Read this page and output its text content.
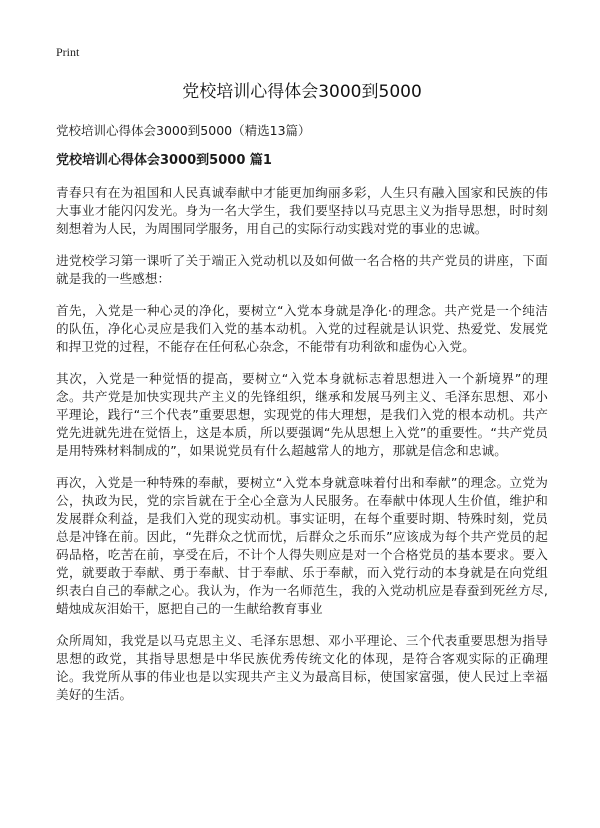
Print
党校培训心得体会3000到5000

党校培训心得体会3000到5000（精选13篇）

党校培训心得体会3000到5000 篇1

青春只有在为祖国和人民真诚奉献中才能更加绚丽多彩，人生只有融入国家和民族的伟大事业才能闪闪发光。身为一名大学生，我们要坚持以马克思主义为指导思想，时时刻刻想着为人民，为周围同学服务，用自己的实际行动实践对党的事业的忠诚。

进党校学习第一课听了关于端正入党动机以及如何做一名合格的共产党员的讲座，下面就是我的一些感想：

首先，入党是一种心灵的净化，要树立“入党本身就是净化·的理念。共产党是一个纯洁的队伍，净化心灵应是我们入党的基本动机。入党的过程就是认识党、热爱党、发展党和捍卫党的过程，不能存在任何私心杂念，不能带有功利欲和虚伪心入党。

其次，入党是一种觉悟的提高，要树立“入党本身就标志着思想进入一个新境界”的理念。共产党是加快实现共产主义的先锋组织，继承和发展马列主义、毛泽东思想、邓小平理论，践行“三个代表”重要思想，实现党的伟大理想，是我们入党的根本动机。共产党先进就先进在觉悟上，这是本质，所以要强调“先从思想上入党”的重要性。“共产党员是用特殊材料制成的”，如果说党员有什么超越常人的地方，那就是信念和忠诚。

再次，入党是一种特殊的奉献，要树立“入党本身就意味着付出和奉献”的理念。立党为公，执政为民，党的宗旨就在于全心全意为人民服务。在奉献中体现人生价值，维护和发展群众利益，是我们入党的现实动机。事实证明，在每个重要时期、特殊时刻，党员总是冲锋在前。因此，“先群众之忧而忧，后群众之乐而乐”应该成为每个共产党员的起码品格，吃苦在前，享受在后，不计个人得失则应是对一个合格党员的基本要求。要入党，就要敢于奉献、勇于奉献、甘于奉献、乐于奉献，而入党行动的本身就是在向党组织表白自己的奉献之心。我认为，作为一名师范生，我的入党动机应是春蚕到死丝方尽,蜡烛成灰泪始干，愿把自己的一生献给教育事业

众所周知，我党是以马克思主义、毛泽东思想、邓小平理论、三个代表重要思想为指导思想的政党，其指导思想是中华民族优秀传统文化的体现，是符合客观实际的正确理论。我党所从事的伟业也是以实现共产主义为最高目标，使国家富强，使人民过上幸福美好的生活。
